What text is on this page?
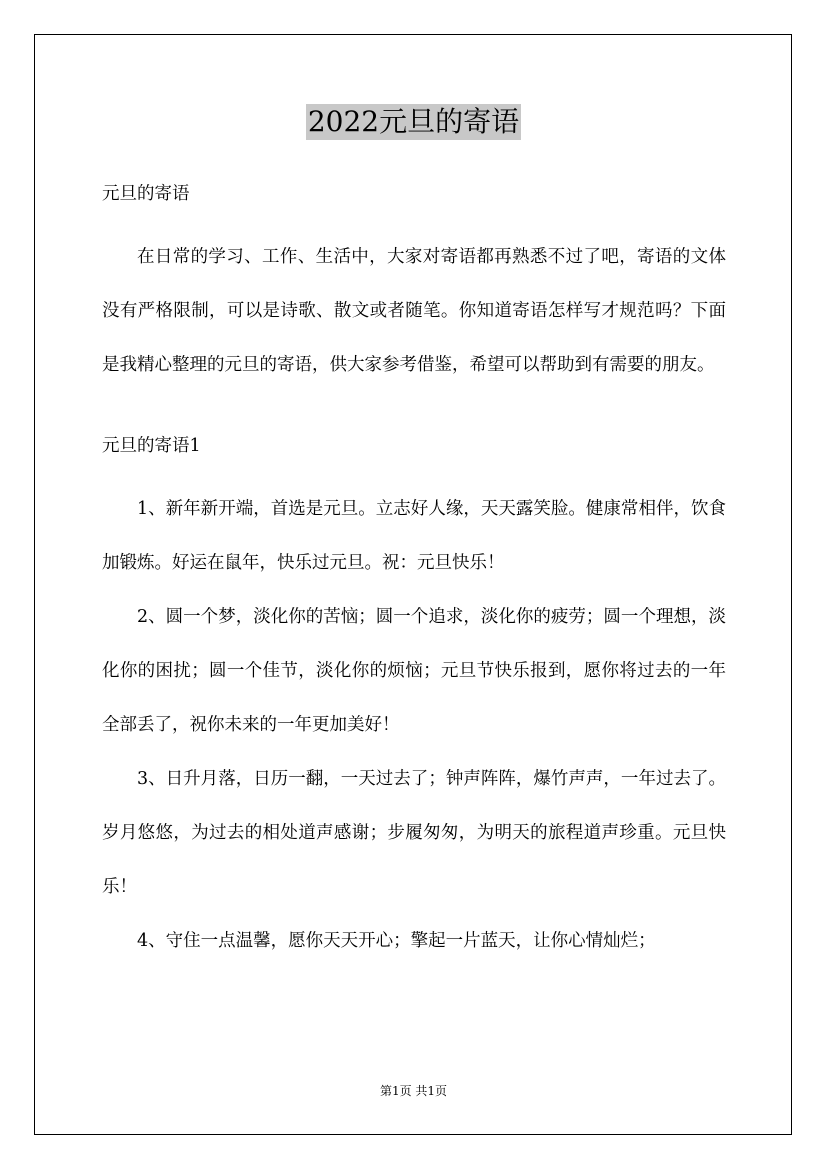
2022元旦的寄语
元旦的寄语

在日常的学习、工作、生活中，大家对寄语都再熟悉不过了吧，寄语的文体没有严格限制，可以是诗歌、散文或者随笔。你知道寄语怎样写才规范吗？下面是我精心整理的元旦的寄语，供大家参考借鉴，希望可以帮助到有需要的朋友。

元旦的寄语1

1、新年新开端，首选是元旦。立志好人缘，天天露笑脸。健康常相伴，饮食加锻炼。好运在鼠年，快乐过元旦。祝：元旦快乐！

2、圆一个梦，淡化你的苦恼；圆一个追求，淡化你的疲劳；圆一个理想，淡化你的困扰；圆一个佳节，淡化你的烦恼；元旦节快乐报到，愿你将过去的一年全部丢了，祝你未来的一年更加美好！

3、日升月落，日历一翻，一天过去了；钟声阵阵，爆竹声声，一年过去了。岁月悠悠，为过去的相处道声感谢；步履匆匆，为明天的旅程道声珍重。元旦快乐！

4、守住一点温馨，愿你天天开心；擎起一片蓝天，让你心情灿烂；

第1页 共1页
